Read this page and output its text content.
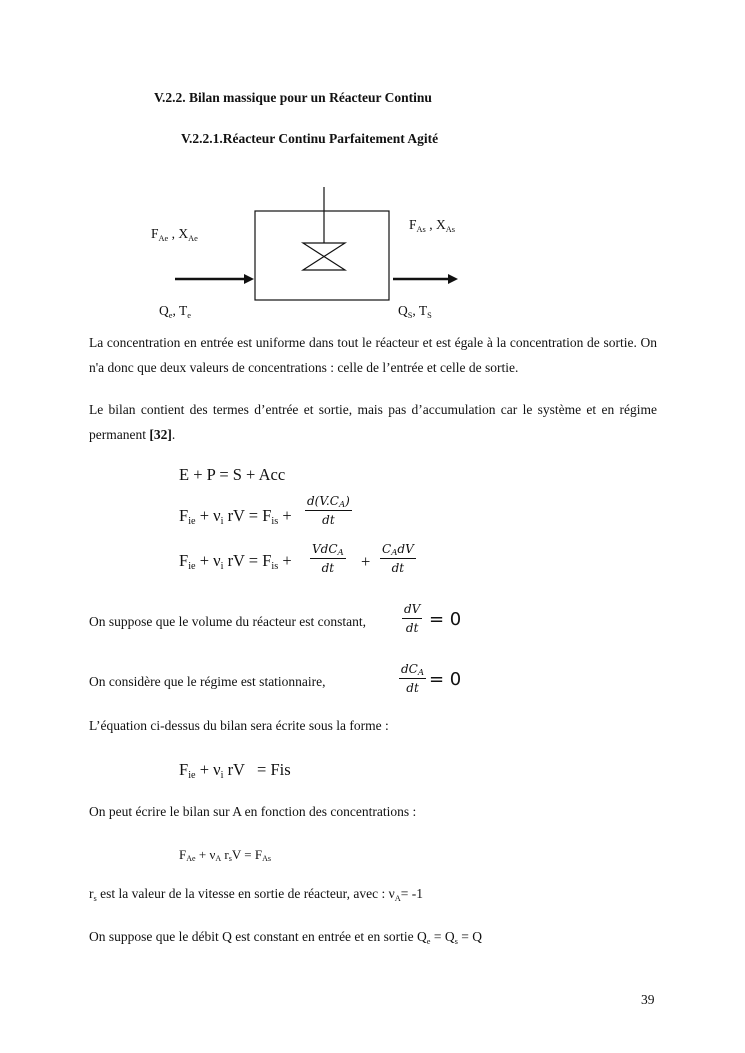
V.2.2. Bilan massique pour un Réacteur Continu
V.2.2.1.Réacteur Continu Parfaitement Agité
$F_{Ae}$ , $X_{Ae}$
$Q_e$, $T_e$
$F_{As}$ , $X_{As}$
$Q_S$, $T_S$
La concentration en entrée est uniforme dans tout le réacteur et est égale à la concentration de sortie. On n'a donc que deux valeurs de concentrations : celle de l’entrée et celle de sortie.
Le bilan contient des termes d’entrée et sortie, mais pas d’accumulation car le système et en régime permanent [32].
E + P = S + Acc
$F_{ie} + \nu_i$ rV = $F_{is} + \frac{d(V.C_A)}{dt}$
$F_{ie} + \nu_i$ rV = $F_{is}$ +
VdC$_A$
dt	+
$C_AdV$
dt
On suppose que le volume du réacteur est constant,	$\frac{dV}{dt} = 0$
On considère que le régime est stationnaire,
$dC_A$
dt = 0
L’équation ci-dessus du bilan sera écrite sous la forme :
$F_{ie} + \nu_i$ rV   = Fis
On peut écrire le bilan sur A en fonction des concentrations :
$F_{Ae} + \nu_A$ $r_sV = F_{As}$
$r_s$ est la valeur de la vitesse en sortie de réacteur, avec : $\nu_A= -1$
On suppose que le débit Q est constant en entrée et en sortie $Q_e = Q_s = Q$
39
